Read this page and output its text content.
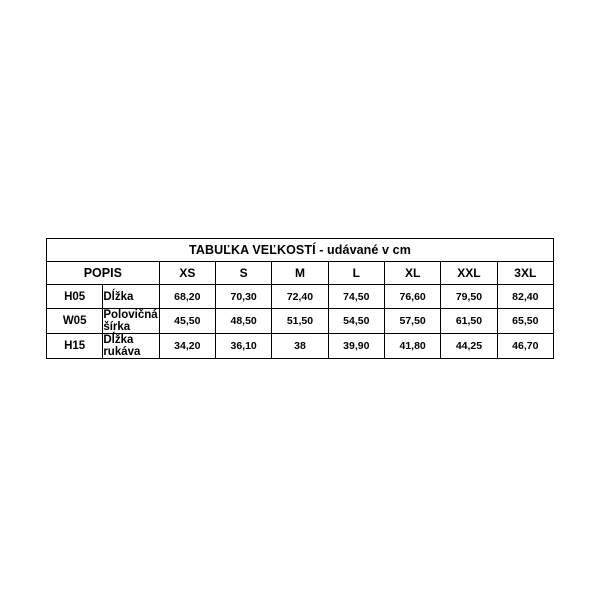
TABUĽKA VEĽKOSTÍ - udávané v cm								
POPIS		XS	S	M	L	XL	XXL	3XL
H05	Dĺžka	68,20	70,30	72,40	74,50	76,60	79,50	82,40
W05	Polovičná šírka	45,50	48,50	51,50	54,50	57,50	61,50	65,50
H15	Dĺžka rukáva	34,20	36,10	38	39,90	41,80	44,25	46,70
